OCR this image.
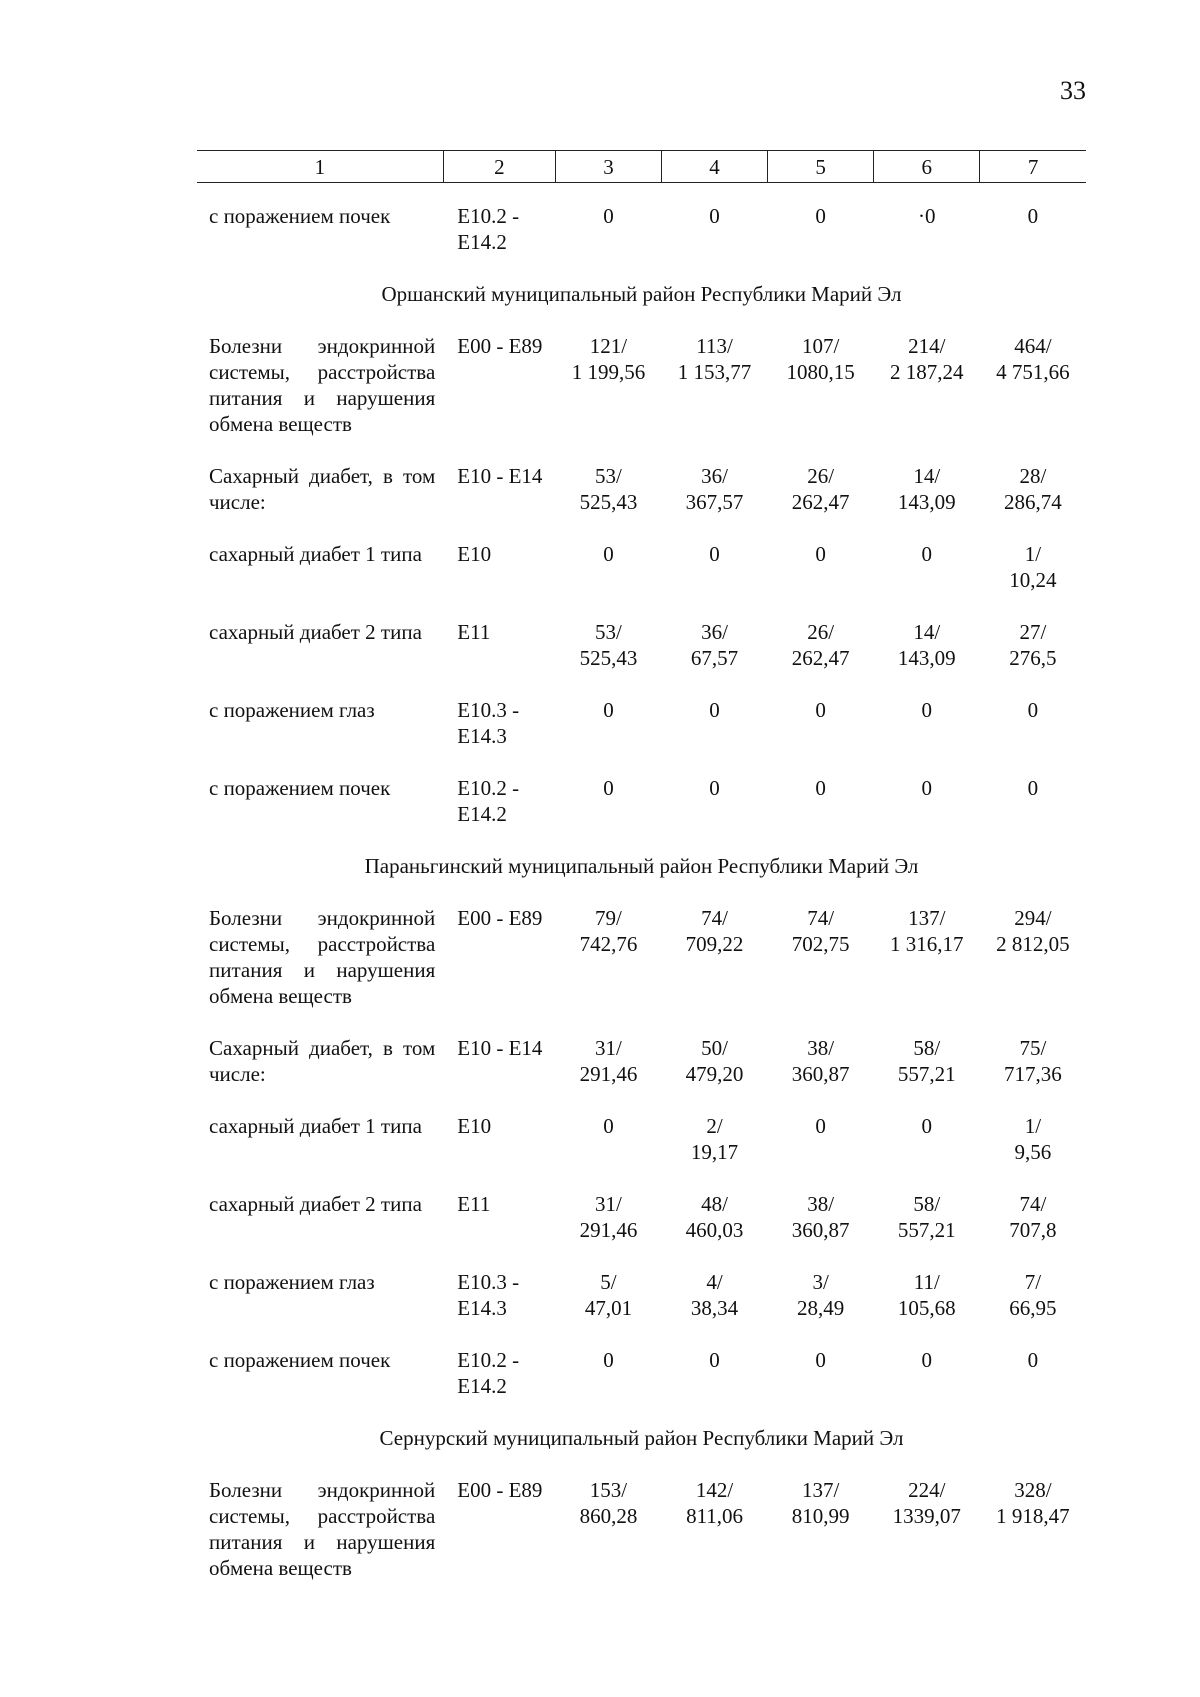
33
1	2	3	4	5	6	7

с поражением почек	E10.2 -
E14.2	0	0	0	·0	0

Оршанский муниципальный район Республики Марий Эл						
Болезни эндокринной системы, расстройства питания и нарушения обмена веществ	E00 - E89	121/
1 199,56	113/
1 153,77	107/
1080,15	214/
2 187,24	464/
4 751,66

Сахарный диабет, в том числе:	E10 - E14	53/
525,43	36/
367,57	26/
262,47	14/
143,09	28/
286,74

сахарный диабет 1 типа	E10	0	0	0	0	1/
10,24

сахарный диабет 2 типа	E11	53/
525,43	36/
67,57	26/
262,47	14/
143,09	27/
276,5

с поражением глаз	E10.3 -
E14.3	0	0	0	0	0

с поражением почек	E10.2 -
E14.2	0	0	0	0	0

Параньгинский муниципальный район Республики Марий Эл						
Болезни эндокринной системы, расстройства питания и нарушения обмена веществ	E00 - E89	79/
742,76	74/
709,22	74/
702,75	137/
1 316,17	294/
2 812,05

Сахарный диабет, в том числе:	E10 - E14	31/
291,46	50/
479,20	38/
360,87	58/
557,21	75/
717,36

сахарный диабет 1 типа	E10	0	2/
19,17	0	0	1/
9,56

сахарный диабет 2 типа	E11	31/
291,46	48/
460,03	38/
360,87	58/
557,21	74/
707,8

с поражением глаз	E10.3 -
E14.3	5/
47,01	4/
38,34	3/
28,49	11/
105,68	7/
66,95

с поражением почек	E10.2 -
E14.2	0	0	0	0	0

Сернурский муниципальный район Республики Марий Эл						
Болезни эндокринной системы, расстройства питания и нарушения обмена веществ	E00 - E89	153/
860,28	142/
811,06	137/
810,99	224/
1339,07	328/
1 918,47
